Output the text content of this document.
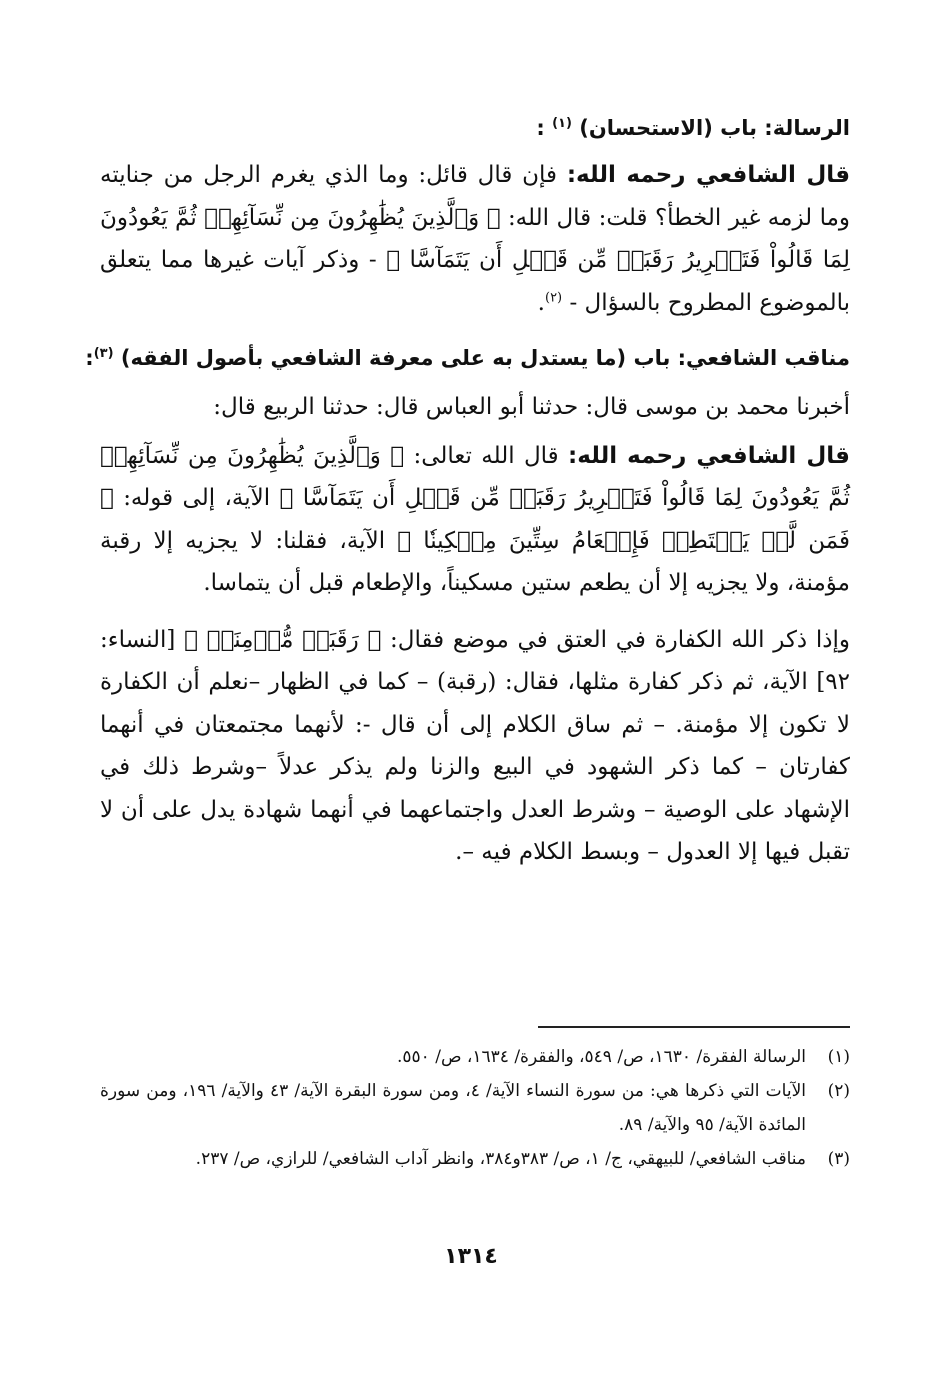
الرسالة: باب (الاستحسان) $^{(١)}$ :

قال الشافعي رحمه الله: فإن قال قائل: وما الذي يغرم الرجل من جنايته وما لزمه غير الخطأ؟ قلت: قال الله: ﴿ وَٱلَّذِينَ يُظَٰهِرُونَ مِن نِّسَآئِهِمۡ ثُمَّ يَعُودُونَ لِمَا قَالُواْ فَتَحۡرِيرُ رَقَبَةٖ مِّن قَبۡلِ أَن يَتَمَآسَّا ﴾ - وذكر آيات غيرها مما يتعلق بالموضوع المطروح بالسؤال - $^{(٢)}$.

مناقب الشافعي: باب (ما يستدل به على معرفة الشافعي بأصول الفقه) $^{(٣)}$:

أخبرنا محمد بن موسى قال: حدثنا أبو العباس قال: حدثنا الربيع قال:

قال الشافعي رحمه الله: قال الله تعالى: ﴿ وَٱلَّذِينَ يُظَٰهِرُونَ مِن نِّسَآئِهِمۡ ثُمَّ يَعُودُونَ لِمَا قَالُواْ فَتَحۡرِيرُ رَقَبَةٖ مِّن قَبۡلِ أَن يَتَمَآسَّا ﴾ الآية، إلى قوله: ﴿ فَمَن لَّمۡ يَسۡتَطِعۡ فَإِطۡعَامُ سِتِّينَ مِسۡكِينٗا ﴾ الآية، فقلنا: لا يجزيه إلا رقبة مؤمنة، ولا يجزيه إلا أن يطعم ستين مسكيناً، والإطعام قبل أن يتماسا.

وإذا ذكر الله الكفارة في العتق في موضع فقال: ﴿ رَقَبَةٖ مُّؤۡمِنَةٖ ﴾ [النساء: ٩٢] الآية، ثم ذكر كفارة مثلها، فقال: (رقبة) – كما في الظهار –نعلم أن الكفارة لا تكون إلا مؤمنة. – ثم ساق الكلام إلى أن قال -: لأنهما مجتمعتان في أنهما كفارتان – كما ذكر الشهود في البيع والزنا ولم يذكر عدلاً –وشرط ذلك في الإشهاد على الوصية – وشرط العدل واجتماعهما في أنهما شهادة يدل على أن لا تقبل فيها إلا العدول – وبسط الكلام فيه –.

(١)
الرسالة الفقرة/ ١٦٣٠، ص/ ٥٤٩، والفقرة/ ١٦٣٤، ص/ ٥٥٠.
(٢)
الآيات التي ذكرها هي: من سورة النساء الآية/ ٤، ومن سورة البقرة الآية/ ٤٣ والآية/ ١٩٦، ومن سورة المائدة الآية/ ٩٥ والآية/ ٨٩.
(٣)
مناقب الشافعي/ للبيهقي، ج/ ١، ص/ ٣٨٣و٣٨٤، وانظر آداب الشافعي/ للرازي، ص/ ٢٣٧.
١٣١٤
